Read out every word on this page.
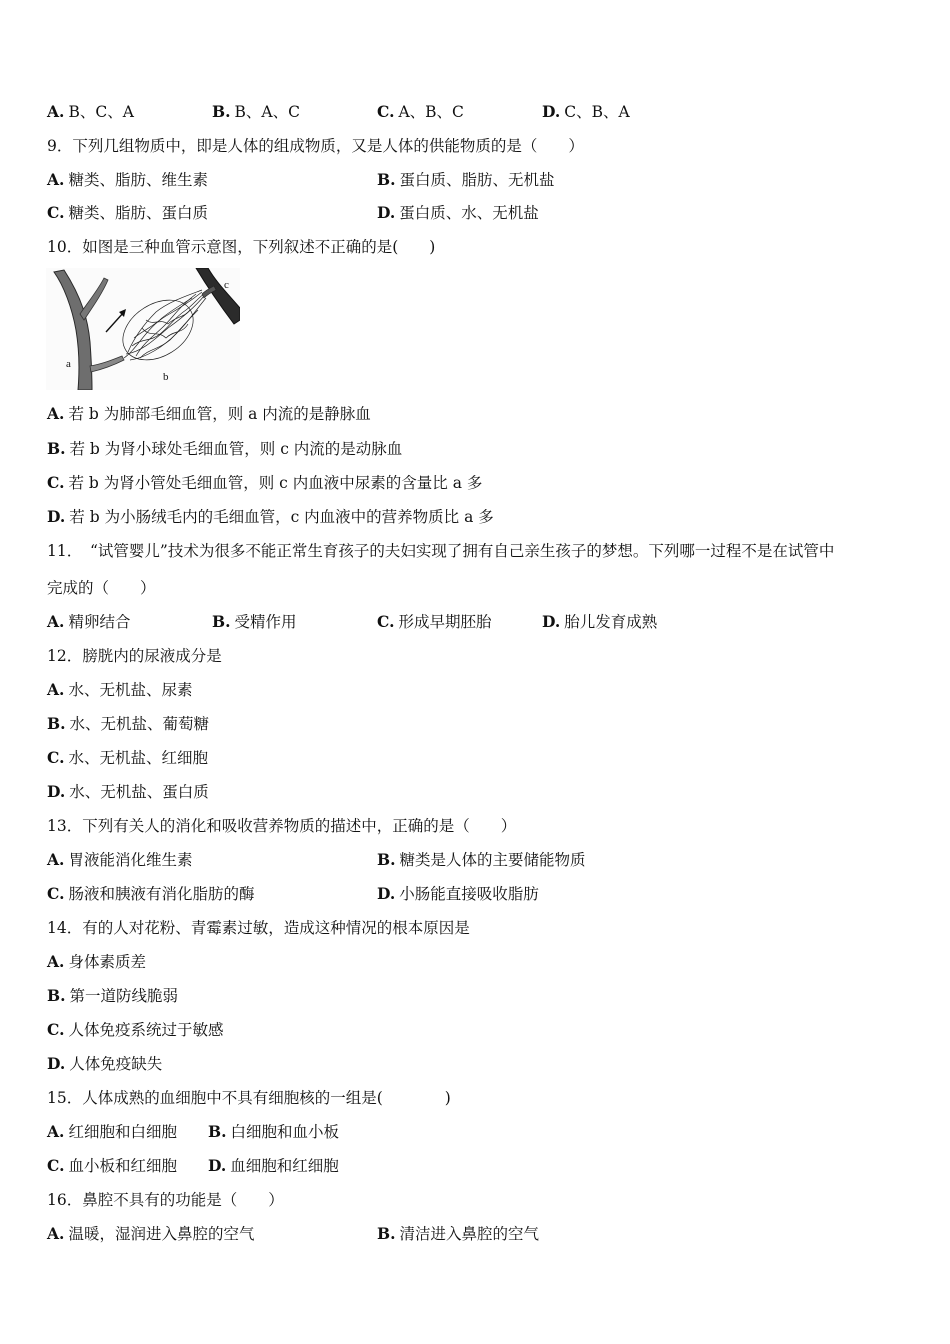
A. B、C、A	B. B、A、C	C. A、B、C	D. C、B、A
9．下列几组物质中，即是人体的组成物质，又是人体的供能物质的是（　　）
A. 糖类、脂肪、维生素	B. 蛋白质、脂肪、无机盐
C. 糖类、脂肪、蛋白质	D. 蛋白质、水、无机盐
10．如图是三种血管示意图，下列叙述不正确的是(　　)
a
b
c
A. 若 b 为肺部毛细血管，则 a 内流的是静脉血
B. 若 b 为肾小球处毛细血管，则 c 内流的是动脉血
C. 若 b 为肾小管处毛细血管，则 c 内血液中尿素的含量比 a 多
D. 若 b 为小肠绒毛内的毛细血管，c 内血液中的营养物质比 a 多
11．　“试管婴儿”技术为很多不能正常生育孩子的夫妇实现了拥有自己亲生孩子的梦想。下列哪一过程不是在试管中
完成的（　　）
A. 精卵结合	B. 受精作用	C. 形成早期胚胎	D. 胎儿发育成熟
12．膀胱内的尿液成分是
A. 水、无机盐、尿素
B. 水、无机盐、葡萄糖
C. 水、无机盐、红细胞
D. 水、无机盐、蛋白质
13．下列有关人的消化和吸收营养物质的描述中，正确的是（　　）
A. 胃液能消化维生素	B. 糖类是人体的主要储能物质
C. 肠液和胰液有消化脂肪的酶	D. 小肠能直接吸收脂肪
14．有的人对花粉、青霉素过敏，造成这种情况的根本原因是
A. 身体素质差
B. 第一道防线脆弱
C. 人体免疫系统过于敏感
D. 人体免疫缺失
15．人体成熟的血细胞中不具有细胞核的一组是(　　　　)
A. 红细胞和白细胞 B. 白细胞和血小板
C. 血小板和红细胞 D. 血细胞和红细胞
16．鼻腔不具有的功能是（　　）
A. 温暖，湿润进入鼻腔的空气	B. 清洁进入鼻腔的空气
